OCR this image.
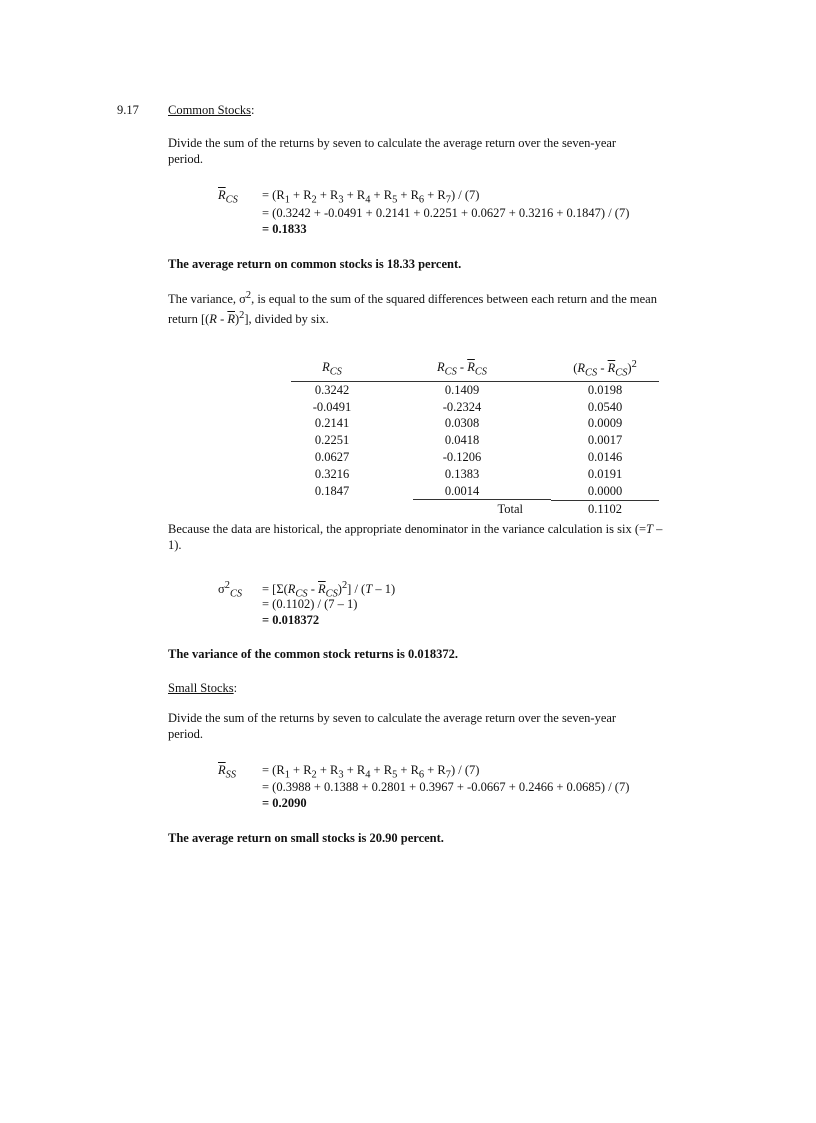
9.17 Common Stocks:
Divide the sum of the returns by seven to calculate the average return over the seven-year
period.
$\overline{R}_{CS} = (R_1 + R_2 + R_3 + R_4 + R_5 + R_6 + R_7) / (7)$
= (0.3242 + -0.0491 + 0.2141 + 0.2251 + 0.0627 + 0.3216 + 0.1847) / (7)
= 0.1833
The average return on common stocks is 18.33 percent.
The variance, $\sigma^2$, is equal to the sum of the squared differences between each return and the mean
return $[(R - \overline{R})^2]$, divided by six.
$R_{CS}$	$R_{CS} - \overline{R}_{CS}$	$(R_{CS} - \overline{R}_{CS})^2$
0.3242	0.1409	0.0198
-0.0491	-0.2324	0.0540
0.2141	0.0308	0.0009
0.2251	0.0418	0.0017
0.0627	-0.1206	0.0146
0.3216	0.1383	0.0191
0.1847	0.0014	0.0000
	Total	0.1102
Because the data are historical, the appropriate denominator in the variance calculation is six (=T –
1).
$\sigma^2_{CS} = [\Sigma(R_{CS} - \overline{R}_{CS})^2] / (T - 1)$
= (0.1102) / (7 – 1)
= 0.018372
The variance of the common stock returns is 0.018372.
Small Stocks:
Divide the sum of the returns by seven to calculate the average return over the seven-year
period.
$\overline{R}_{SS} = (R_1 + R_2 + R_3 + R_4 + R_5 + R_6 + R_7) / (7)$
= (0.3988 + 0.1388 + 0.2801 + 0.3967 + -0.0667 + 0.2466 + 0.0685) / (7)
= 0.2090
The average return on small stocks is 20.90 percent.
